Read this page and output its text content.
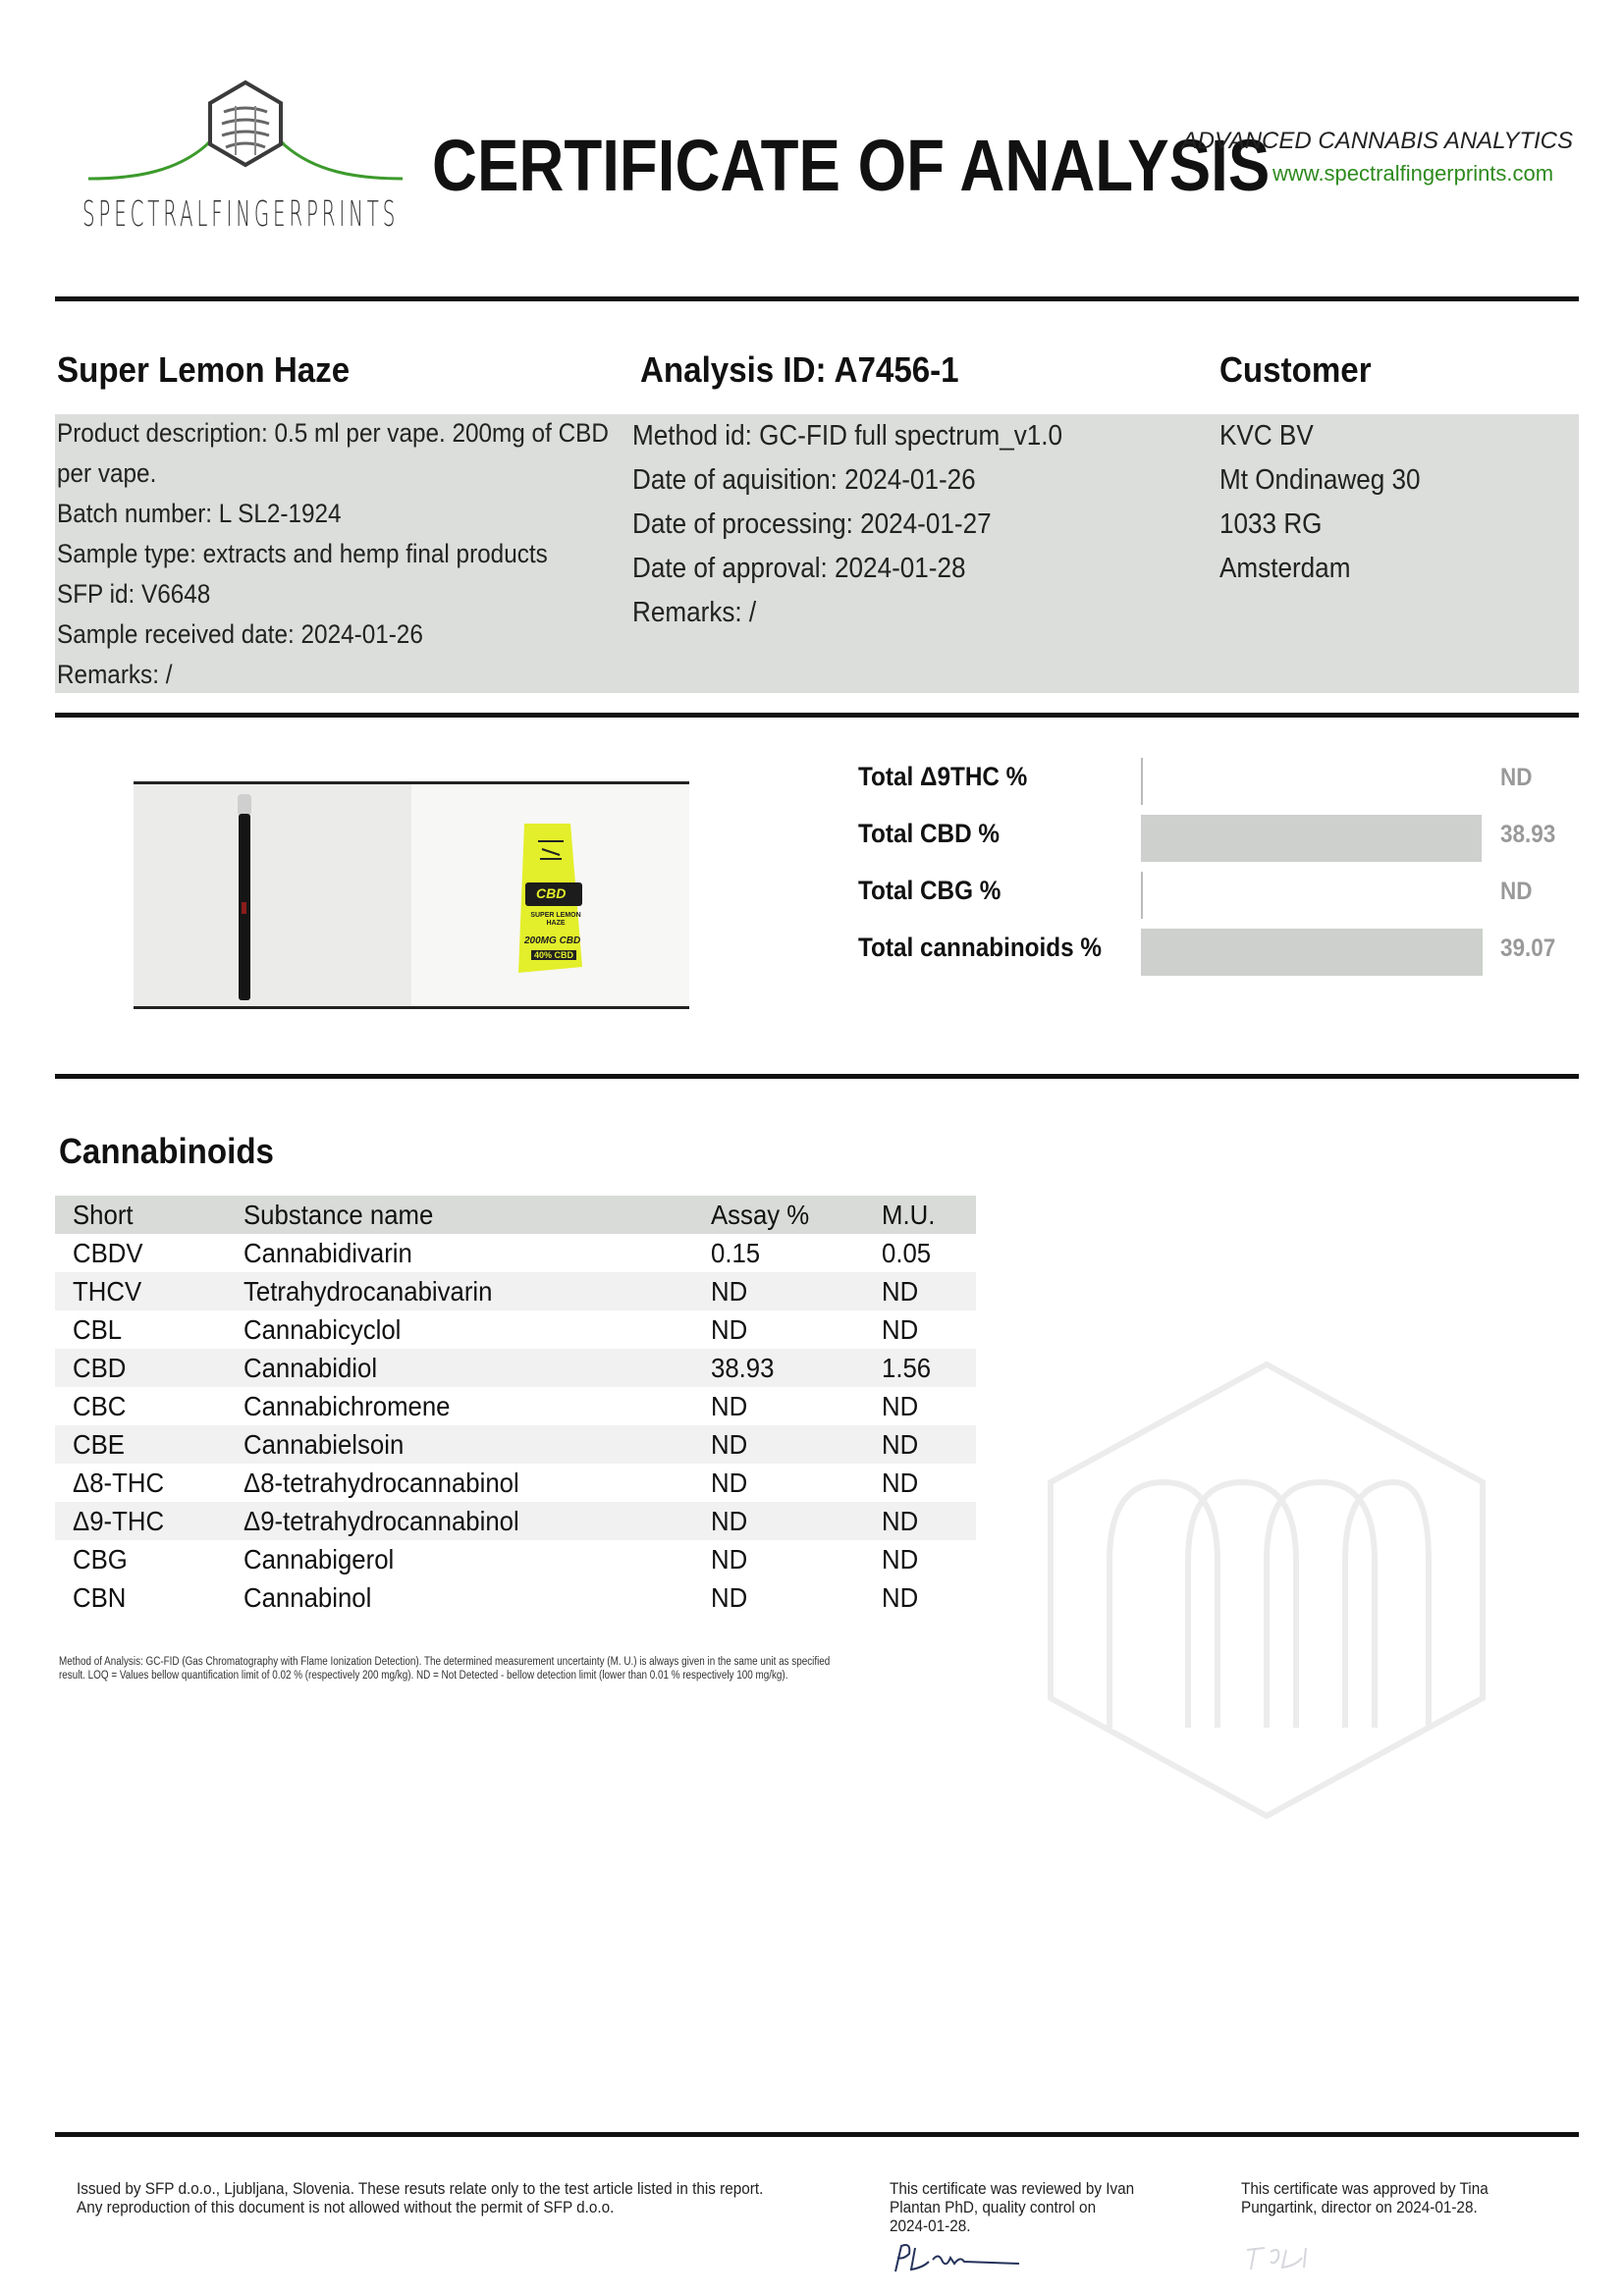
SPECTRALFINGERPRINTS
CERTIFICATE OF ANALYSIS
ADVANCED CANNABIS ANALYTICS
www.spectralfingerprints.com
Super Lemon Haze	Analysis ID: A7456-1	Customer
Product description: 0.5 ml per vape. 200mg of CBD
per vape.
Batch number: L SL2-1924
Sample type: extracts and hemp final products
SFP id: V6648
Sample received date: 2024-01-26
Remarks: /
Method id: GC-FID full spectrum_v1.0
Date of aquisition: 2024-01-26
Date of processing: 2024-01-27
Date of approval: 2024-01-28
Remarks: /
KVC BV
Mt Ondinaweg 30
1033 RG
Amsterdam
CBD
SUPER LEMON HAZE
200MG CBD
40% CBD
Total Δ9THC %	ND
Total CBD %	38.93
Total CBG %	ND
Total cannabinoids %	39.07
Cannabinoids
Short	Substance name	Assay %	M.U.
CBDV	Cannabidivarin	0.15	0.05
THCV	Tetrahydrocanabivarin	ND	ND
CBL	Cannabicyclol	ND	ND
CBD	Cannabidiol	38.93	1.56
CBC	Cannabichromene	ND	ND
CBE	Cannabielsoin	ND	ND
Δ8-THC	Δ8-tetrahydrocannabinol	ND	ND
Δ9-THC	Δ9-tetrahydrocannabinol	ND	ND
CBG	Cannabigerol	ND	ND
CBN	Cannabinol	ND	ND
Method of Analysis: GC-FID (Gas Chromatography with Flame Ionization Detection). The determined measurement uncertainty (M. U.) is always given in the same unit as specified
result. LOQ = Values bellow quantification limit of 0.02 % (respectively 200 mg/kg). ND = Not Detected - bellow detection limit (lower than 0.01 % respectively 100 mg/kg).
Issued by SFP d.o.o., Ljubljana, Slovenia. These resuts relate only to the test article listed in this report.
Any reproduction of this document is not allowed without the permit of SFP d.o.o.
This certificate was reviewed by Ivan
Plantan PhD, quality control on
2024-01-28.
This certificate was approved by Tina
Pungartink, director on 2024-01-28.
